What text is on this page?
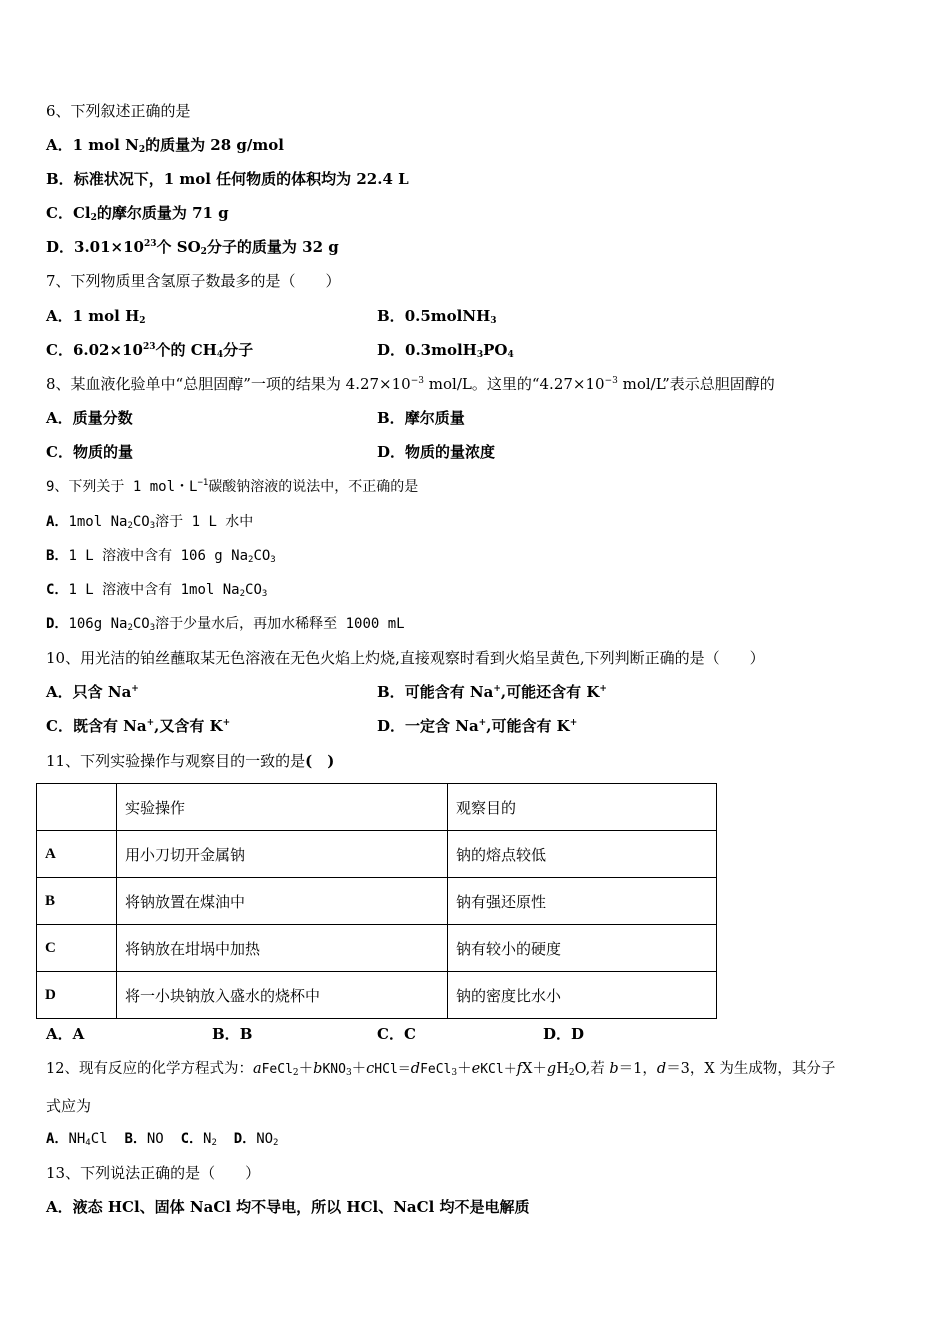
6、下列叙述正确的是
A．1 mol $N_2$的质量为 28 g/mol
B．标准状况下，1 mol 任何物质的体积均为 22.4 L
C．$Cl_2$的摩尔质量为 71 g
D．$3.01\times 10^{23}$个 $SO_2$分子的质量为 32 g
7、下列物质里含氢原子数最多的是（　　）
A．1 mol $H_2$	B．0.5molNH$_3$
C．$6.02\times 10^{23}$个的 $CH_4$分子	D．$0.3molH_3PO_4$
8、某血液化验单中“总胆固醇”一项的结果为 $4.27\times 10^{-3}$ mol/L。这里的“$4.27\times 10^{-3}$ mol/L”表示总胆固醇的
A．质量分数	B．摩尔质量
C．物质的量	D．物质的量浓度
9、下列关于 1 mol・$L^{-1}$碳酸钠溶液的说法中，不正确的是
A．1mol $Na_2CO_3$溶于 1 L 水中
B．1 L 溶液中含有 106 g $Na_2CO_3$
C．1 L 溶液中含有 1mol $Na_2CO_3$
D．106g $Na_2CO_3$溶于少量水后，再加水稀释至 1000 mL
10、用光洁的铂丝蘸取某无色溶液在无色火焰上灼烧,直接观察时看到火焰呈黄色,下列判断正确的是（　　）
A．只含 Na+	B．可能含有 Na+,可能还含有 K+
C．既含有 Na+,又含有 K+	D．一定含 Na+,可能含有 K+
11、下列实验操作与观察目的一致的是(　)
	实验操作	观察目的
A	用小刀切开金属钠	钠的熔点较低
B	将钠放置在煤油中	钠有强还原性
C	将钠放在坩埚中加热	钠有较小的硬度
D	将一小块钠放入盛水的烧杯中	钠的密度比水小
A．A	B．B	C．C	D．D
12、现有反应的化学方程式为：$aFeCl_2+bKNO_3+cHCl=dFeCl_3+eKCl+fX+gH_2O$,若 b＝1，d＝3，X 为生成物，其分子
式应为
A．$NH_4Cl$ B．NO C．$N_2$ D．$NO_2$
13、下列说法正确的是（　　）
A．液态 HCl、固体 NaCl 均不导电，所以 HCl、NaCl 均不是电解质
